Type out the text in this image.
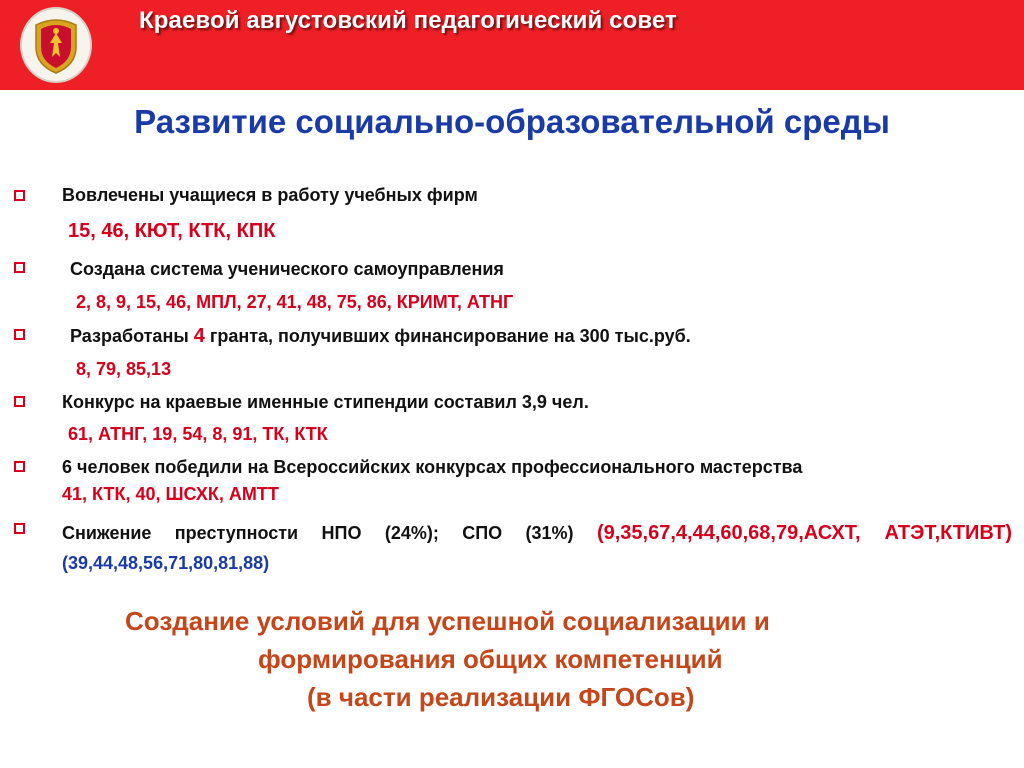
Краевой августовский педагогический совет
Развитие социально-образовательной среды
Вовлечены учащиеся в работу учебных фирм
15, 46, КЮТ, КТК, КПК
Создана система ученического самоуправления
2, 8, 9, 15, 46, МПЛ, 27, 41, 48, 75, 86, КРИМТ, АТНГ
Разработаны 4 гранта, получивших финансирование на 300 тыс.руб.
8, 79, 85,13
Конкурс на краевые именные стипендии составил 3,9 чел.
61, АТНГ, 19, 54, 8, 91, ТК, КТК
6 человек победили на Всероссийских конкурсах профессионального мастерства
41, КТК, 40, ШСХК, АМТТ
Снижение преступности НПО (24%); СПО (31%) (9,35,67,4,44,60,68,79,АСХТ, АТЭТ,КТИВТ) (39,44,48,56,71,80,81,88)
Создание условий для успешной социализации и
формирования общих компетенций
(в части реализации ФГОСов)
